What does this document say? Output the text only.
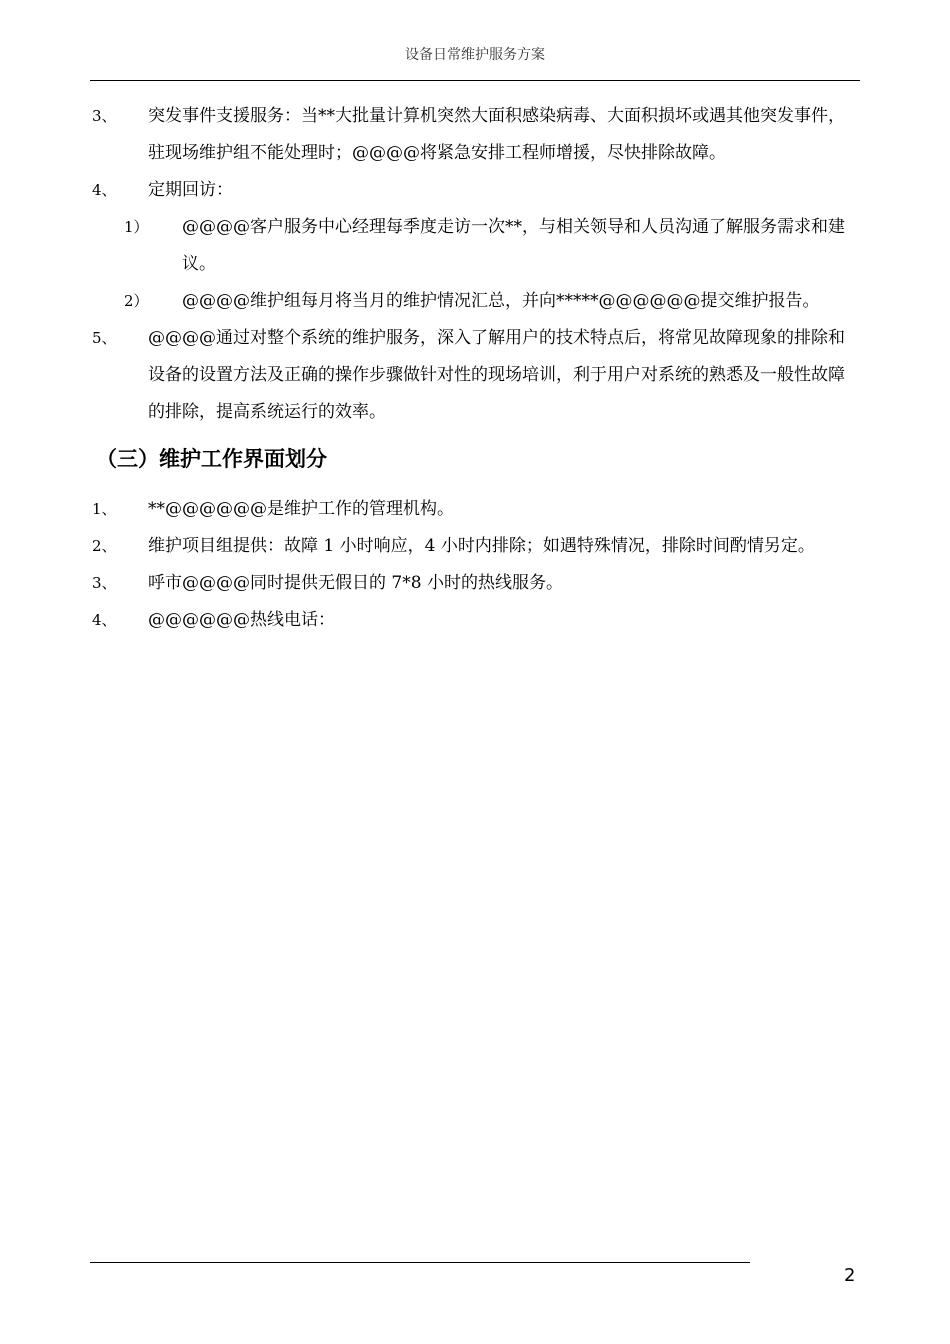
设备日常维护服务方案
3、 突发事件支援服务：当**大批量计算机突然大面积感染病毒、大面积损坏或遇其他突发事件，驻现场维护组不能处理时；@@@@将紧急安排工程师增援，尽快排除故障。
4、 定期回访：
1） @@@@客户服务中心经理每季度走访一次**，与相关领导和人员沟通了解服务需求和建议。
2） @@@@维护组每月将当月的维护情况汇总，并向*****@@@@@@提交维护报告。
5、 @@@@通过对整个系统的维护服务，深入了解用户的技术特点后，将常见故障现象的排除和设备的设置方法及正确的操作步骤做针对性的现场培训，利于用户对系统的熟悉及一般性故障的排除，提高系统运行的效率。
（三）维护工作界面划分
1、 **@@@@@@是维护工作的管理机构。
2、 维护项目组提供：故障 1 小时响应，4 小时内排除；如遇特殊情况，排除时间酌情另定。
3、 呼市@@@@同时提供无假日的 7*8 小时的热线服务。
4、 @@@@@@热线电话：
2
